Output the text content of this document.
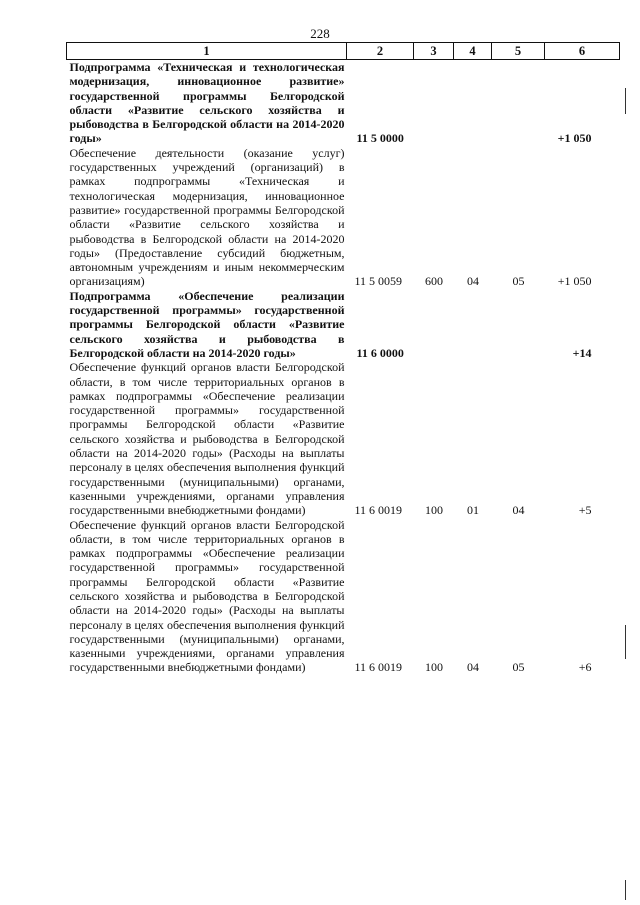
228
1	2	3	4	5	6
Подпрограмма «Техническая и технологическая модернизация, инновационное развитие» государственной программы Белгородской области «Развитие сельского хозяйства и рыбоводства в Белгородской области на 2014-2020 годы»	11 5 0000				+1 050
Обеспечение деятельности (оказание услуг) государственных учреждений (организаций) в рамках подпрограммы «Техническая и технологическая модернизация, инновационное развитие» государственной программы Белгородской области «Развитие сельского хозяйства и рыбоводства в Белгородской области на 2014-2020 годы» (Предоставление субсидий бюджетным, автономным учреждениям и иным некоммерческим организациям)	11 5 0059	600	04	05	+1 050
Подпрограмма «Обеспечение реализации государственной программы» государственной программы Белгородской области «Развитие сельского хозяйства и рыбоводства в Белгородской области на 2014-2020 годы»	11 6 0000				+14
Обеспечение функций органов власти Белгородской области, в том числе территориальных органов в рамках подпрограммы «Обеспечение реализации государственной программы» государственной программы Белгородской области «Развитие сельского хозяйства и рыбоводства в Белгородской области на 2014-2020 годы» (Расходы на выплаты персоналу в целях обеспечения выполнения функций государственными (муниципальными) органами, казенными учреждениями, органами управления государственными внебюджетными фондами)	11 6 0019	100	01	04	+5
Обеспечение функций органов власти Белгородской области, в том числе территориальных органов в рамках подпрограммы «Обеспечение реализации государственной программы» государственной программы Белгородской области «Развитие сельского хозяйства и рыбоводства в Белгородской области на 2014-2020 годы» (Расходы на выплаты персоналу в целях обеспечения выполнения функций государственными (муниципальными) органами, казенными учреждениями, органами управления государственными внебюджетными фондами)	11 6 0019	100	04	05	+6
